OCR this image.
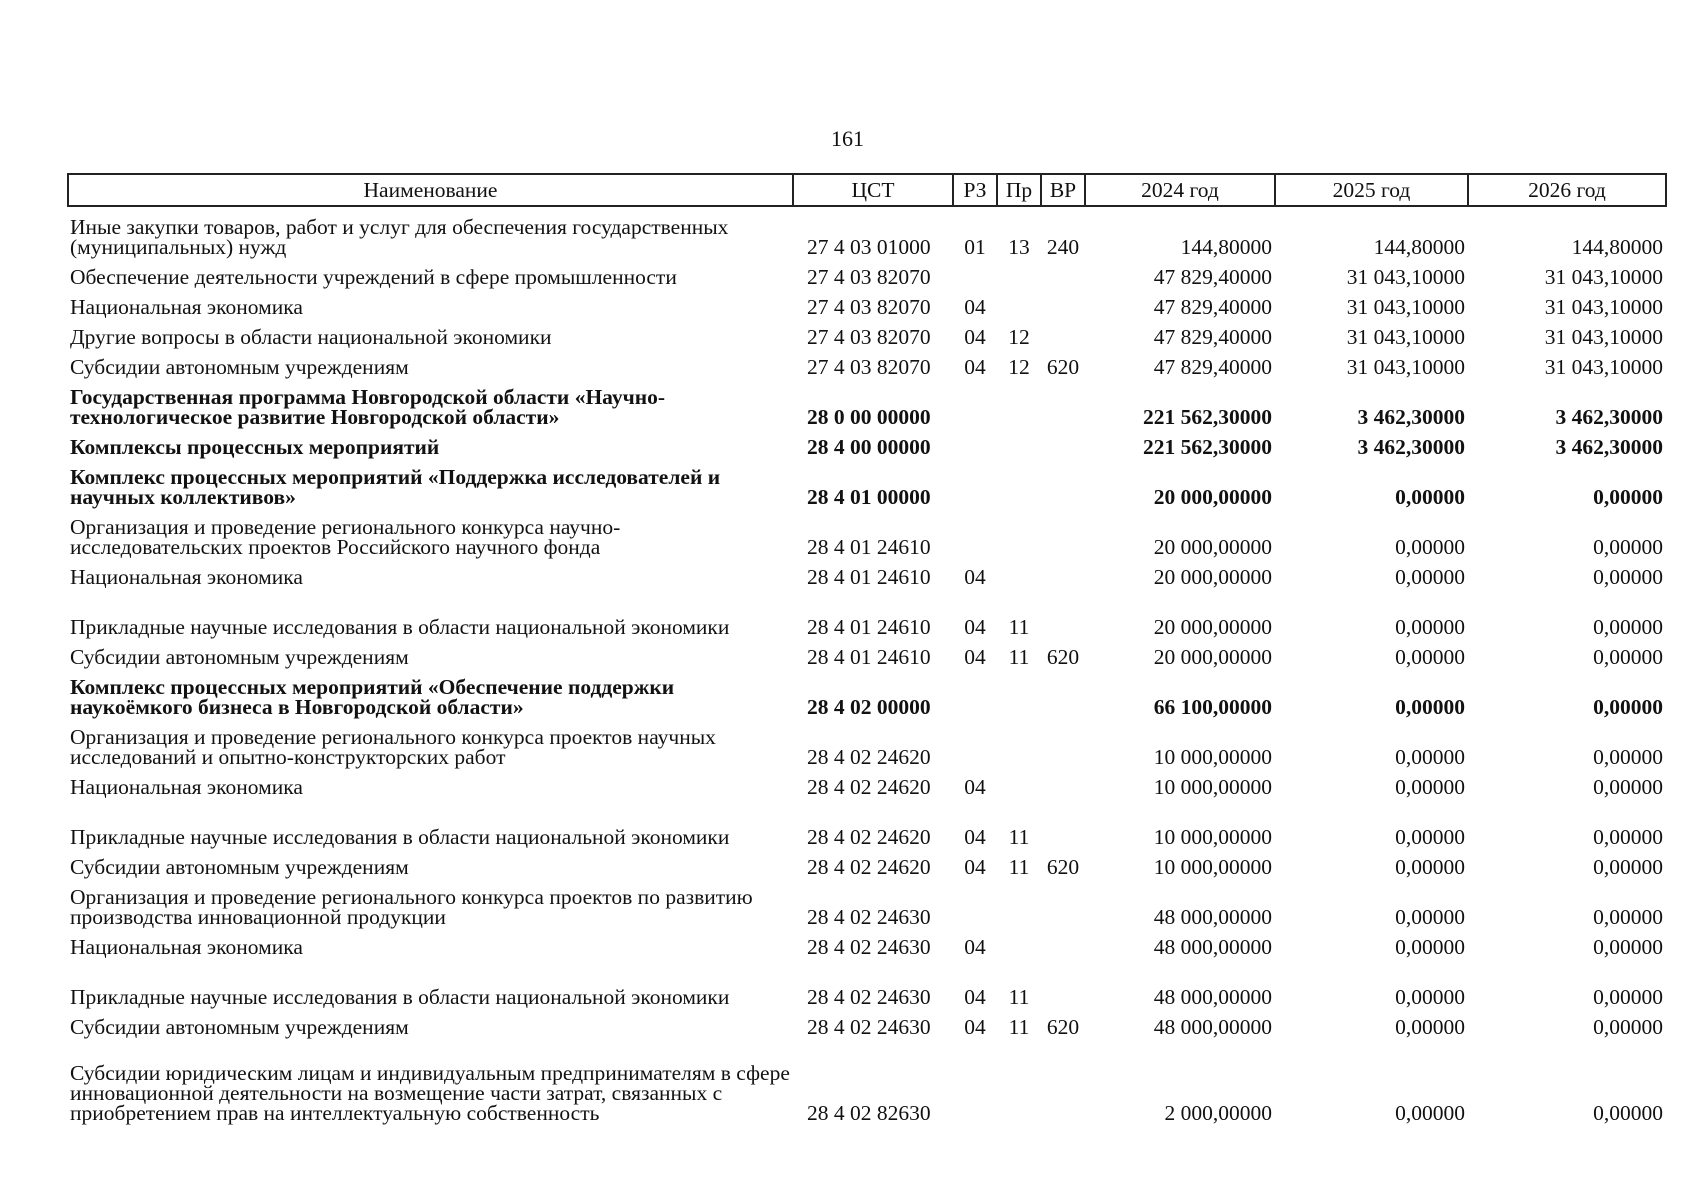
161
Наименование	ЦСТ	РЗ	Пр	ВР	2024 год	2025 год	2026 год
Иные закупки товаров, работ и услуг для обеспечения государственных (муниципальных) нужд	27 4 03 01000	01	13	240	144,80000	144,80000	144,80000
Обеспечение деятельности учреждений в сфере промышленности	27 4 03 82070				47 829,40000	31 043,10000	31 043,10000
Национальная экономика	27 4 03 82070	04			47 829,40000	31 043,10000	31 043,10000
Другие вопросы в области национальной экономики	27 4 03 82070	04	12		47 829,40000	31 043,10000	31 043,10000
Субсидии автономным учреждениям	27 4 03 82070	04	12	620	47 829,40000	31 043,10000	31 043,10000
Государственная программа Новгородской области «Научно-технологическое развитие Новгородской области»	28 0 00 00000				221 562,30000	3 462,30000	3 462,30000
Комплексы процессных мероприятий	28 4 00 00000				221 562,30000	3 462,30000	3 462,30000
Комплекс процессных мероприятий «Поддержка исследователей и научных коллективов»	28 4 01 00000				20 000,00000	0,00000	0,00000
Организация и проведение регионального конкурса научно-исследовательских проектов Российского научного фонда	28 4 01 24610				20 000,00000	0,00000	0,00000
Национальная экономика	28 4 01 24610	04			20 000,00000	0,00000	0,00000
Прикладные научные исследования в области национальной экономики	28 4 01 24610	04	11		20 000,00000	0,00000	0,00000
Субсидии автономным учреждениям	28 4 01 24610	04	11	620	20 000,00000	0,00000	0,00000
Комплекс процессных мероприятий «Обеспечение поддержки наукоёмкого бизнеса в Новгородской области»	28 4 02 00000				66 100,00000	0,00000	0,00000
Организация и проведение регионального конкурса проектов научных исследований и опытно-конструкторских работ	28 4 02 24620				10 000,00000	0,00000	0,00000
Национальная экономика	28 4 02 24620	04			10 000,00000	0,00000	0,00000
Прикладные научные исследования в области национальной экономики	28 4 02 24620	04	11		10 000,00000	0,00000	0,00000
Субсидии автономным учреждениям	28 4 02 24620	04	11	620	10 000,00000	0,00000	0,00000
Организация и проведение регионального конкурса проектов по развитию производства инновационной продукции	28 4 02 24630				48 000,00000	0,00000	0,00000
Национальная экономика	28 4 02 24630	04			48 000,00000	0,00000	0,00000
Прикладные научные исследования в области национальной экономики	28 4 02 24630	04	11		48 000,00000	0,00000	0,00000
Субсидии автономным учреждениям	28 4 02 24630	04	11	620	48 000,00000	0,00000	0,00000
Субсидии юридическим лицам и индивидуальным предпринимателям в сфере инновационной деятельности на возмещение части затрат, связанных с приобретением прав на интеллектуальную собственность	28 4 02 82630				2 000,00000	0,00000	0,00000
